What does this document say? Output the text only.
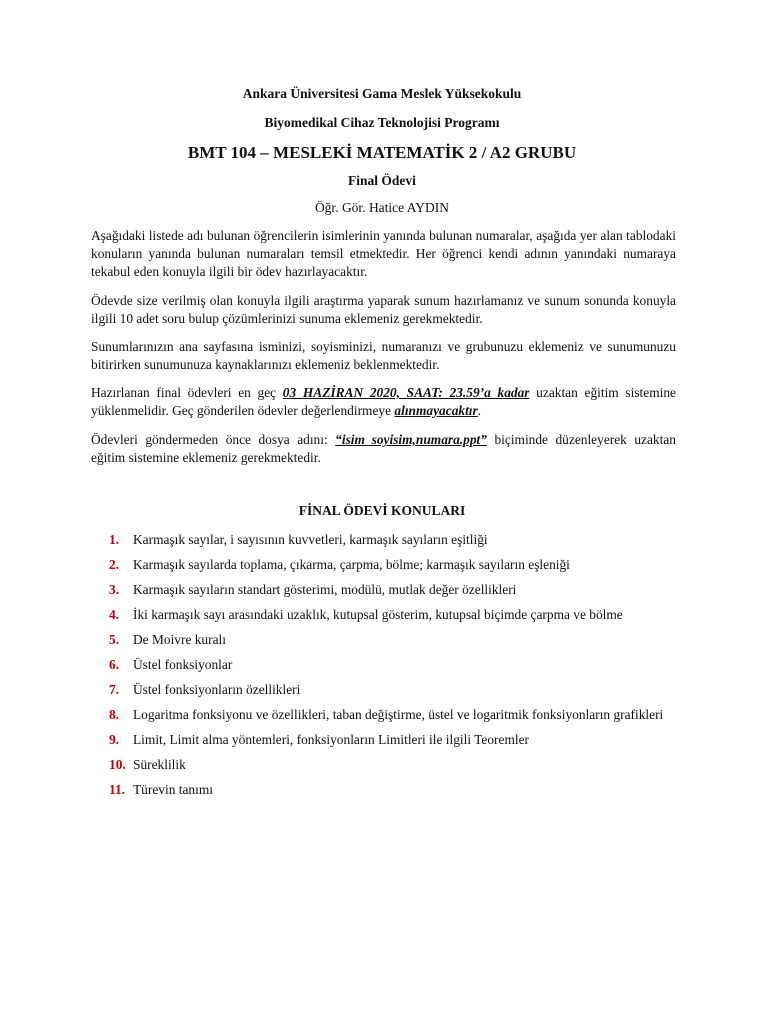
Ankara Üniversitesi Gama Meslek Yüksekokulu
Biyomedikal Cihaz Teknolojisi Programı
BMT 104 – MESLEKİ MATEMATİK 2 / A2 GRUBU
Final Ödevi
Öğr. Gör. Hatice AYDIN

Aşağıdaki listede adı bulunan öğrencilerin isimlerinin yanında bulunan numaralar, aşağıda yer alan tablodaki konuların yanında bulunan numaraları temsil etmektedir. Her öğrenci kendi adının yanındaki numaraya tekabul eden konuyla ilgili bir ödev hazırlayacaktır.

Ödevde size verilmiş olan konuyla ilgili araştırma yaparak sunum hazırlamanız ve sunum sonunda konuyla ilgili 10 adet soru bulup çözümlerinizi sunuma eklemeniz gerekmektedir.

Sunumlarınızın ana sayfasına isminizi, soyisminizi, numaranızı ve grubunuzu eklemeniz ve sunumunuzu bitirirken sunumunuza kaynaklarınızı eklemeniz beklenmektedir.

Hazırlanan final ödevleri en geç 03 HAZİRAN 2020, SAAT: 23.59’a kadar uzaktan eğitim sistemine yüklenmelidir. Geç gönderilen ödevler değerlendirmeye alınmayacaktır.

Ödevleri göndermeden önce dosya adını: “isim_soyisim,numara.ppt” biçiminde düzenleyerek uzaktan eğitim sistemine eklemeniz gerekmektedir.

FİNAL ÖDEVİ KONULARI
1. Karmaşık sayılar, i sayısının kuvvetleri, karmaşık sayıların eşitliği
2. Karmaşık sayılarda toplama, çıkarma, çarpma, bölme; karmaşık sayıların eşleniği
3. Karmaşık sayıların standart gösterimi, modülü, mutlak değer özellikleri
4. İki karmaşık sayı arasındaki uzaklık, kutupsal gösterim, kutupsal biçimde çarpma ve bölme
5. De Moivre kuralı
6. Üstel fonksiyonlar
7. Üstel fonksiyonların özellikleri
8. Logaritma fonksiyonu ve özellikleri, taban değiştirme, üstel ve logaritmik fonksiyonların grafikleri
9. Limit, Limit alma yöntemleri, fonksiyonların Limitleri ile ilgili Teoremler
10. Süreklilik
11. Türevin tanımı
